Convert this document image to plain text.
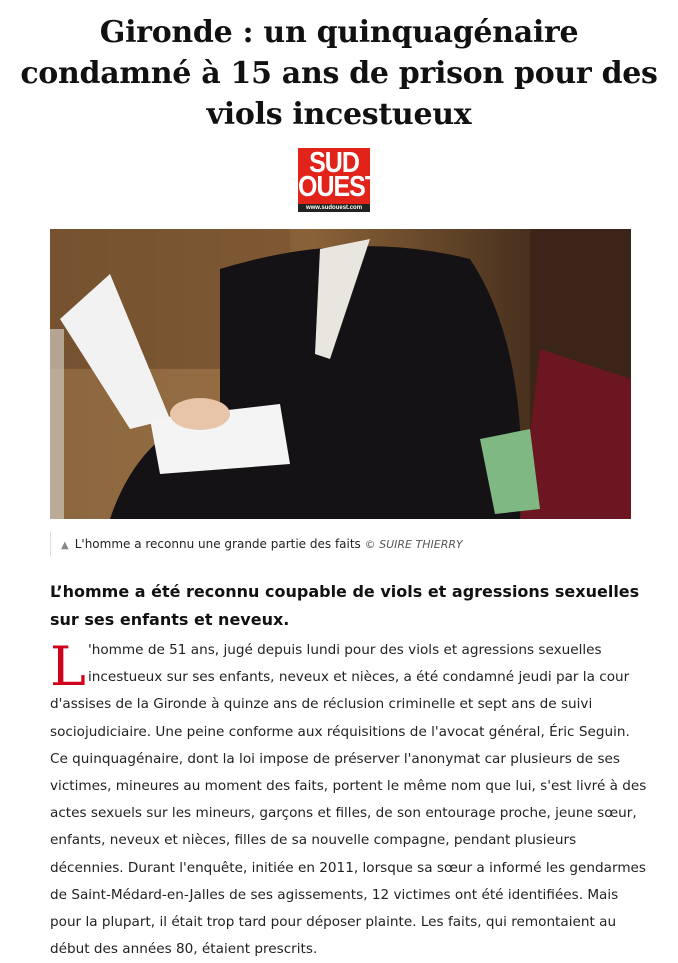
Gironde : un quinquagénaire condamné à 15 ans de prison pour des viols incestueux
SUD
OUEST
www.sudouest.com
▲ L'homme a reconnu une grande partie des faits © SUIRE THIERRY

L’homme a été reconnu coupable de viols et agressions sexuelles sur ses enfants et neveux.

L 'homme de 51 ans, jugé depuis lundi pour des viols et agressions sexuelles
incestueux sur ses enfants, neveux et nièces, a été condamné jeudi par la cour
d'assises de la Gironde à quinze ans de réclusion criminelle et sept ans de suivi
sociojudiciaire. Une peine conforme aux réquisitions de l'avocat général, Éric Seguin.
Ce quinquagénaire, dont la loi impose de préserver l'anonymat car plusieurs de ses
victimes, mineures au moment des faits, portent le même nom que lui, s'est livré à des
actes sexuels sur les mineurs, garçons et filles, de son entourage proche, jeune sœur,
enfants, neveux et nièces, filles de sa nouvelle compagne, pendant plusieurs
décennies. Durant l'enquête, initiée en 2011, lorsque sa sœur a informé les gendarmes
de Saint-Médard-en-Jalles de ses agissements, 12 victimes ont été identifiées. Mais
pour la plupart, il était trop tard pour déposer plainte. Les faits, qui remontaient au
début des années 80, étaient prescrits.
